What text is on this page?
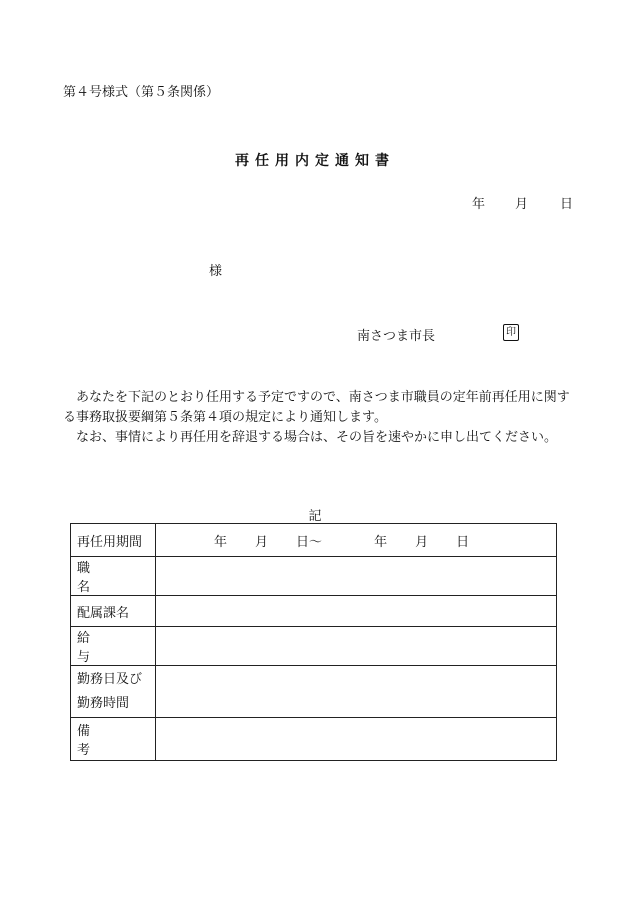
第４号様式（第５条関係）
再任用内定通知書
年 月 日
様
南さつま市長	印

あなたを下記のとおり任用する予定ですので、南さつま市職員の定年前再任用に関する事務取扱要綱第５条第４項の規定により通知します。

なお、事情により再任用を辞退する場合は、その旨を速やかに申し出てください。

記
再任用期間	年 月 日～ 年 月 日
職　名	
配属課名	
給　与	

勤務日及び
勤務時間	

備　考	
